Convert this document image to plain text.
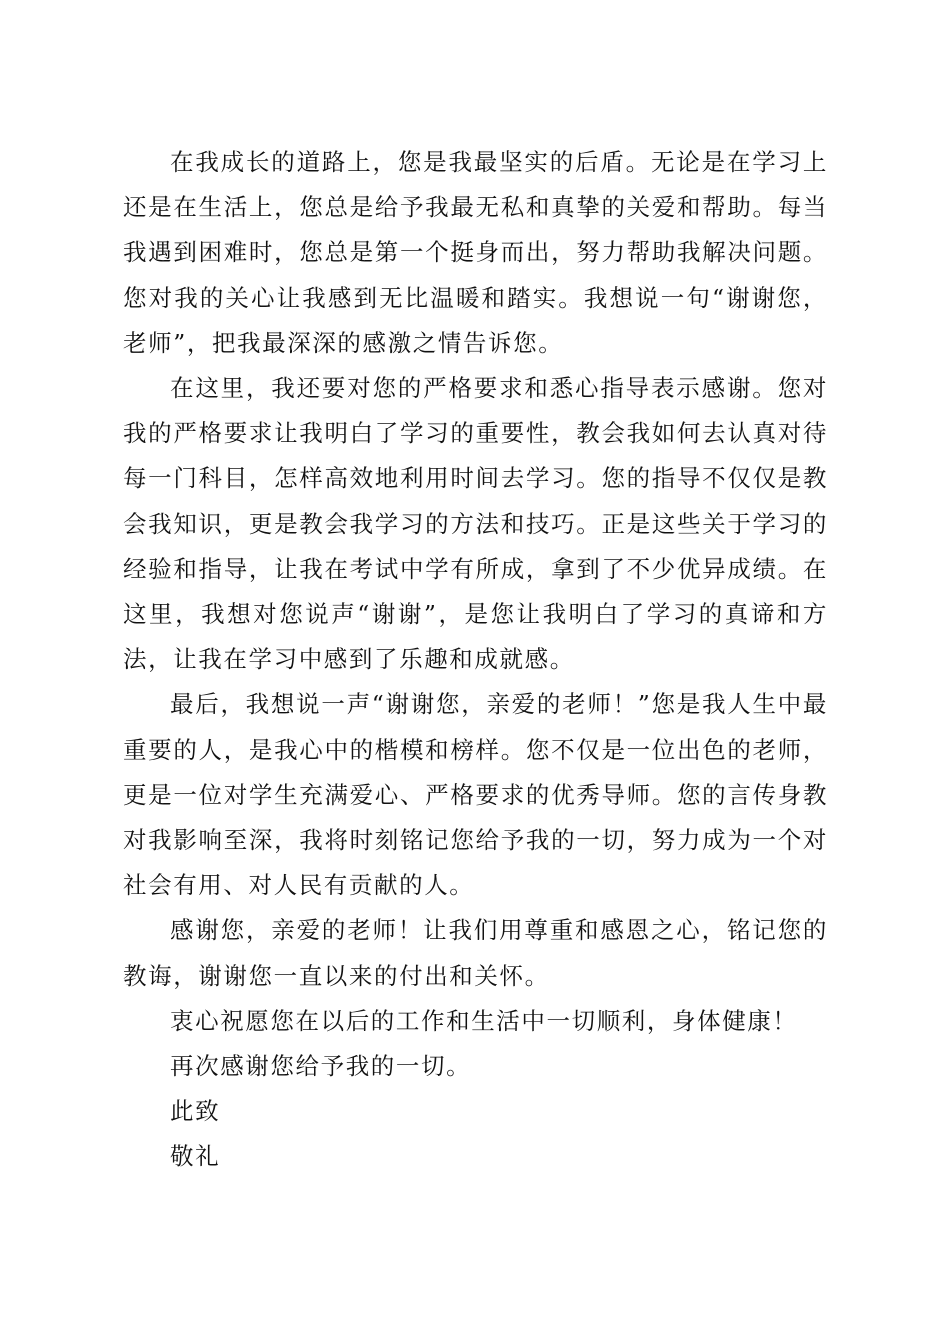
在我成长的道路上，您是我最坚实的后盾。无论是在学习上还是在生活上，您总是给予我最无私和真挚的关爱和帮助。每当我遇到困难时，您总是第一个挺身而出，努力帮助我解决问题。您对我的关心让我感到无比温暖和踏实。我想说一句“谢谢您，老师”，把我最深深的感激之情告诉您。

在这里，我还要对您的严格要求和悉心指导表示感谢。您对我的严格要求让我明白了学习的重要性，教会我如何去认真对待每一门科目，怎样高效地利用时间去学习。您的指导不仅仅是教会我知识，更是教会我学习的方法和技巧。正是这些关于学习的经验和指导，让我在考试中学有所成，拿到了不少优异成绩。在这里，我想对您说声“谢谢”，是您让我明白了学习的真谛和方法，让我在学习中感到了乐趣和成就感。

最后，我想说一声“谢谢您，亲爱的老师！”您是我人生中最重要的人，是我心中的楷模和榜样。您不仅是一位出色的老师，更是一位对学生充满爱心、严格要求的优秀导师。您的言传身教对我影响至深，我将时刻铭记您给予我的一切，努力成为一个对社会有用、对人民有贡献的人。

感谢您，亲爱的老师！让我们用尊重和感恩之心，铭记您的教诲，谢谢您一直以来的付出和关怀。

衷心祝愿您在以后的工作和生活中一切顺利，身体健康！

再次感谢您给予我的一切。

此致

敬礼
